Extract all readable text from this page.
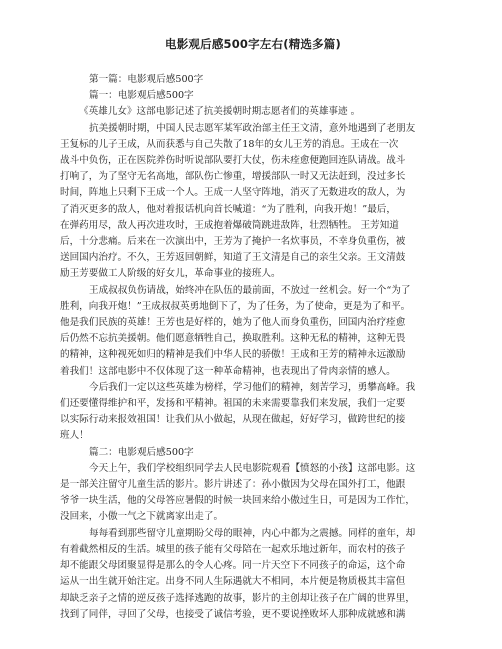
电影观后感500字左右(精选多篇)
第一篇：电影观后感500字
篇一：电影观后感500字
《英雄儿女》这部电影记述了抗美援朝时期志愿者们的英雄事迹 。
抗美援朝时期，中国人民志愿军某军政治部主任王文清，意外地遇到了老朋友
王复标的儿子王成，从而获悉与自己失散了18年的女儿王芳的消息。王成在一次
战斗中负伤，正在医院养伤时听说部队要打大仗，伤未痊愈便跑回连队请战。战斗
打响了，为了坚守无名高地，部队伤亡惨重，增援部队一时又无法赶到，没过多长
时间，阵地上只剩下王成一个人。王成一人坚守阵地，消灭了无数进攻的敌人，为
了消灭更多的敌人，他对着报话机向首长喊道：“为了胜利，向我开炮！”最后，
在弹药用尽，敌人再次进攻时，王成抱着爆破筒跳进敌阵，壮烈牺牲。 王芳知道
后，十分悲痛。后来在一次演出中，王芳为了掩护一名炊事员，不幸身负重伤，被
送回国内治疗。不久，王芳返回朝鲜，知道了王文清是自己的亲生父亲。王文清鼓
励王芳要做工人阶级的好女儿，革命事业的接班人。
王成叔叔负伤请战，始终冲在队伍的最前面，不放过一丝机会。好一个“为了
胜利，向我开炮！”王成叔叔英勇地倒下了，为了任务，为了使命，更是为了和平。
他是我们民族的英雄！王芳也是好样的，她为了他人而身负重伤，回国内治疗痊愈
后仍然不忘抗美援朝。他们愿意牺牲自己，换取胜利。这种无私的精神，这种无畏
的精神，这种视死如归的精神是我们中华人民的骄傲！王成和王芳的精神永远激励
着我们！这部电影中不仅体现了这一种革命精神，也表现出了骨肉亲情的感人。
今后我们一定以这些英雄为榜样，学习他们的精神，刻苦学习，勇攀高峰。我
们还要懂得维护和平，发扬和平精神。祖国的未来需要靠我们来发展，我们一定要
以实际行动来报效祖国！让我们从小做起，从现在做起，好好学习，做跨世纪的接
班人！
篇二：电影观后感500字
今天上午，我们学校组织同学去人民电影院观看【愤怒的小孩】这部电影。这
是一部关注留守儿童生活的影片。影片讲述了：孙小傲因为父母在国外打工，他跟
爷爷一块生活，他的父母答应暑假的时候一块回来给小傲过生日，可是因为工作忙，
没回来，小傲一气之下就离家出走了。
每每看到那些留守儿童期盼父母的眼神，内心中都为之震撼。同样的童年，却
有着截然相反的生活。城里的孩子能有父母陪在一起欢乐地过新年，而农村的孩子
却不能跟父母团聚显得是那么的令人心疼。同一片天空下不同孩子的命运，这个命
运从一出生就开始注定。出身不同人生际遇就大不相同，本片便是物质极其丰富但
却缺乏亲子之情的逆反孩子选择逃跑的故事，影片的主创却让孩子在广阔的世界里，
找到了同伴，寻回了父母，也接受了诚信考验，更不要说挫败坏人那种成就感和满
